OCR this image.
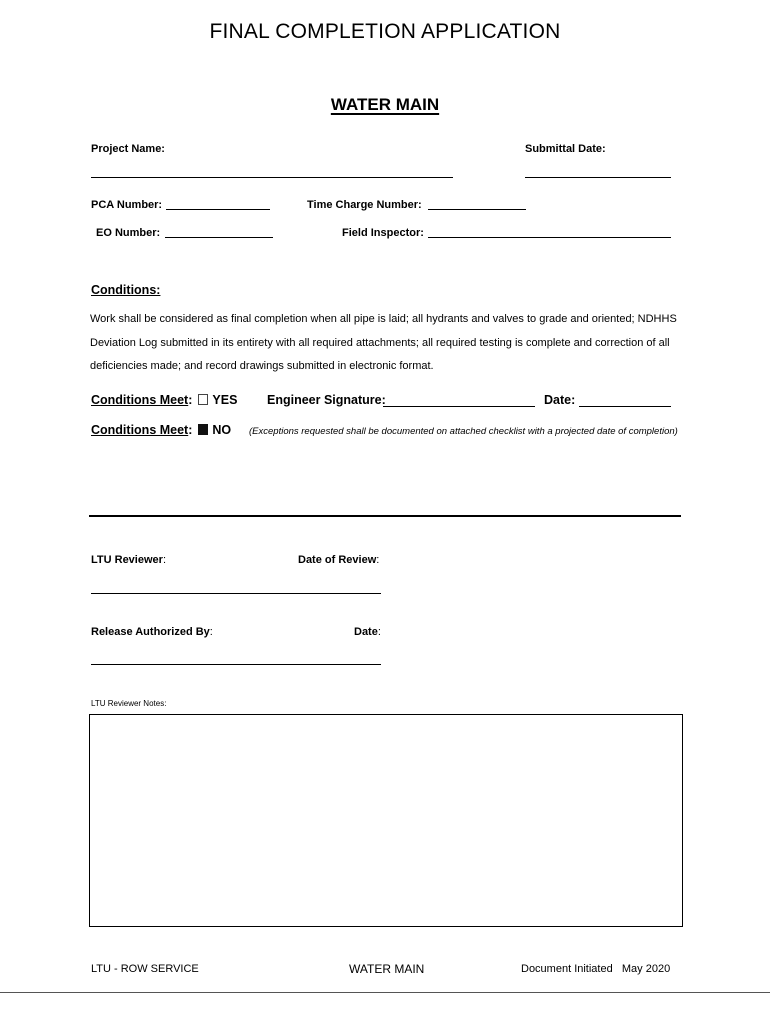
FINAL COMPLETION APPLICATION
WATER MAIN
Project Name:	Submittal Date:
PCA Number:	Time Charge Number:
EO Number:	Field Inspector:
Conditions:
Work shall be considered as final completion when all pipe is laid; all hydrants and valves to grade and oriented; NDHHS Deviation Log submitted in its entirety with all required attachments; all required testing is complete and correction of all deficiencies made; and record drawings submitted in electronic format.
Conditions Meet: YES Engineer Signature:	Date:
Conditions Meet: NO (Exceptions requested shall be documented on attached checklist with a projected date of completion)
LTU Reviewer:	Date of Review:
Release Authorized By:	Date:
LTU Reviewer Notes:
LTU - ROW SERVICE	WATER MAIN	Document Initiated   May 2020
